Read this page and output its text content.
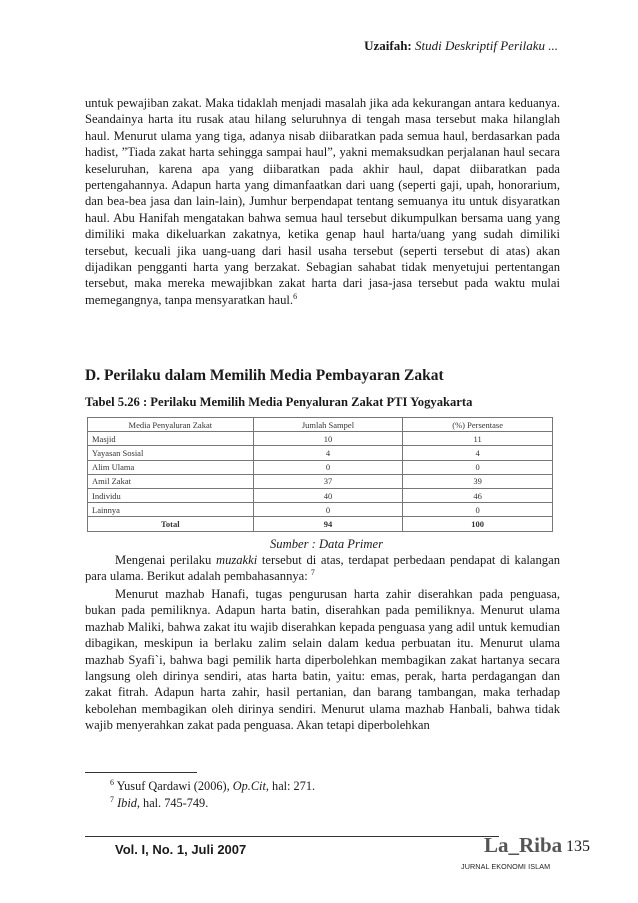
Uzaifah: Studi Deskriptif Perilaku ...
untuk pewajiban zakat. Maka tidaklah menjadi masalah jika ada kekurangan antara keduanya. Seandainya harta itu rusak atau hilang seluruhnya di tengah masa tersebut maka hilanglah haul. Menurut ulama yang tiga, adanya nisab diibaratkan pada semua haul, berdasarkan pada hadist, ”Tiada zakat harta sehingga sampai haul”, yakni memaksudkan perjalanan haul secara keseluruhan, karena apa yang diibaratkan pada akhir haul, dapat diibaratkan pada pertengahannya. Adapun harta yang dimanfaatkan dari uang (seperti gaji, upah, honorarium, dan bea-bea jasa dan lain-lain), Jumhur berpendapat tentang semuanya itu untuk disyaratkan haul. Abu Hanifah mengatakan bahwa semua haul tersebut dikumpulkan bersama uang yang dimiliki maka dikeluarkan zakatnya, ketika genap haul harta/uang yang sudah dimiliki tersebut, kecuali jika uang-uang dari hasil usaha tersebut (seperti tersebut di atas) akan dijadikan pengganti harta yang berzakat. Sebagian sahabat tidak menyetujui pertentangan tersebut, maka mereka mewajibkan zakat harta dari jasa-jasa tersebut pada waktu mulai memegangnya, tanpa mensyaratkan haul.$^6$
D. Perilaku dalam Memilih Media Pembayaran Zakat
Tabel 5.26 : Perilaku Memilih Media Penyaluran Zakat PTI Yogyakarta
Media Penyaluran Zakat	Jumlah Sampel	(%) Persentase
Masjid	10	11
Yayasan Sosial	4	4
Alim Ulama	0	0
Amil Zakat	37	39
Individu	40	46
Lainnya	0	0
Total	94	100
Sumber : Data Primer

Mengenai perilaku muzakki tersebut di atas, terdapat perbedaan pendapat di kalangan para ulama. Berikut adalah pembahasannya: $^7$

Menurut mazhab Hanafi, tugas pengurusan harta zahir diserahkan pada penguasa, bukan pada pemiliknya. Adapun harta batin, diserahkan pada pemiliknya. Menurut ulama mazhab Maliki, bahwa zakat itu wajib diserahkan kepada penguasa yang adil untuk kemudian dibagikan, meskipun ia berlaku zalim selain dalam kedua perbuatan itu. Menurut ulama mazhab Syafi`i, bahwa bagi pemilik harta diperbolehkan membagikan zakat hartanya secara langsung oleh dirinya sendiri, atas harta batin, yaitu: emas, perak, harta perdagangan dan zakat fitrah. Adapun harta zahir, hasil pertanian, dan barang tambangan, maka terhadap kebolehan membagikan oleh dirinya sendiri. Menurut ulama mazhab Hanbali, bahwa tidak wajib menyerahkan zakat pada penguasa. Akan tetapi diperbolehkan

$^6$ Yusuf Qardawi (2006), Op.Cit, hal: 271.
$^7$ Ibid, hal. 745-749.
Vol. I, No. 1, Juli 2007	La_Riba
JURNAL EKONOMI ISLAM
135
